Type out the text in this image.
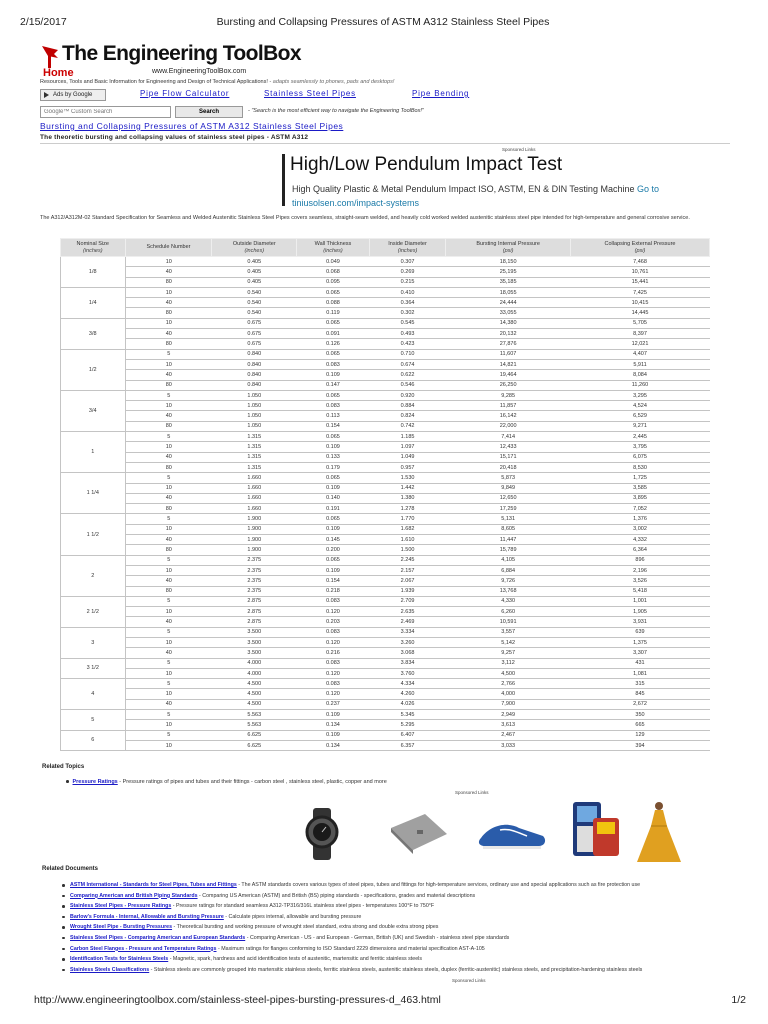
2/15/2017	Bursting and Collapsing Pressures of ASTM A312 Stainless Steel Pipes
The Engineering ToolBox
Home	www.EngineeringToolBox.com
Resources, Tools and Basic Information for Engineering and Design of Technical Applications! - adapts seamlessly to phones, pads and desktops!
Ads by Google	Pipe Flow Calculator	Stainless Steel Pipes	Pipe Bending
Google™ Custom Search
Search	- "Search is the most efficient way to navigate the Engineering ToolBox!"
Bursting and Collapsing Pressures of ASTM A312 Stainless Steel Pipes
The theoretic bursting and collapsing values of stainless steel pipes - ASTM A312
Sponsored Links
High/Low Pendulum Impact Test
High Quality Plastic & Metal Pendulum Impact ISO, ASTM, EN & DIN Testing Machine Go to tiniusolsen.com/impact-systems
The A312/A312M-02 Standard Specification for Seamless and Welded Austenitic Stainless Steel Pipes covers seamless, straight-seam welded, and heavily cold worked welded austenitic stainless steel pipe intended for high-temperature and general corrosive service.
Nominal Size
(inches)	Schedule Number	Outside Diameter
(inches)	Wall Thickness
(inches)	Inside Diameter
(inches)	Bursting Internal Pressure
(psi)	Collapsing External Pressure
(psi)
1/8	10	0.405	0.049	0.307	18,150	7,468
	40	0.405	0.068	0.269	25,195	10,761
	80	0.405	0.095	0.215	35,185	15,441
1/4	10	0.540	0.065	0.410	18,055	7,425
	40	0.540	0.088	0.364	24,444	10,415
	80	0.540	0.119	0.302	33,055	14,445
3/8	10	0.675	0.065	0.545	14,380	5,705
	40	0.675	0.091	0.493	20,132	8,397
	80	0.675	0.126	0.423	27,876	12,021
1/2	5	0.840	0.065	0.710	11,607	4,407
	10	0.840	0.083	0.674	14,821	5,911
	40	0.840	0.109	0.622	19,464	8,084
	80	0.840	0.147	0.546	26,250	11,260
3/4	5	1.050	0.065	0.920	9,285	3,295
	10	1.050	0.083	0.884	11,857	4,524
	40	1.050	0.113	0.824	16,142	6,529
	80	1.050	0.154	0.742	22,000	9,271
1	5	1.315	0.065	1.185	7,414	2,445
	10	1.315	0.109	1.097	12,433	3,795
	40	1.315	0.133	1.049	15,171	6,075
	80	1.315	0.179	0.957	20,418	8,530
1 1/4	5	1.660	0.065	1.530	5,873	1,725
	10	1.660	0.109	1.442	9,849	3,585
	40	1.660	0.140	1.380	12,650	3,895
	80	1.660	0.191	1.278	17,259	7,052
1 1/2	5	1.900	0.065	1.770	5,131	1,376
	10	1.900	0.109	1.682	8,605	3,002
	40	1.900	0.145	1.610	11,447	4,332
	80	1.900	0.200	1.500	15,789	6,364
2	5	2.375	0.065	2.245	4,105	896
	10	2.375	0.109	2.157	6,884	2,196
	40	2.375	0.154	2.067	9,726	3,526
	80	2.375	0.218	1.939	13,768	5,418
2 1/2	5	2.875	0.083	2.709	4,330	1,001
	10	2.875	0.120	2.635	6,260	1,905
	40	2.875	0.203	2.469	10,591	3,931
3	5	3.500	0.083	3.334	3,557	639
	10	3.500	0.120	3.260	5,142	1,375
	40	3.500	0.216	3.068	9,257	3,307
3 1/2	5	4.000	0.083	3.834	3,112	431
	10	4.000	0.120	3.760	4,500	1,081
4	5	4.500	0.083	4.334	2,766	315
	10	4.500	0.120	4.260	4,000	845
	40	4.500	0.237	4.026	7,900	2,672
5	5	5.563	0.109	5.345	2,949	350
	10	5.563	0.134	5.295	3,613	665
6	5	6.625	0.109	6.407	2,467	129
	10	6.625	0.134	6.357	3,033	394
Related Topics
Pressure Ratings - Pressure ratings of pipes and tubes and their fittings - carbon steel , stainless steel, plastic, copper and more
Sponsored Links
Related Documents
ASTM International - Standards for Steel Pipes, Tubes and Fittings - The ASTM standards covers various types of steel pipes, tubes and fittings for high-temperature services, ordinary use and special applications such as fire protection use
Comparing American and British Piping Standards - Comparing US American (ASTM) and British (BS) piping standards - specifications, grades and material descriptions
Stainless Steel Pipes - Pressure Ratings - Pressure ratings for standard seamless A312-TP316/316L stainless steel pipes - temperatures 100°F to 750°F
Barlow's Formula - Internal, Allowable and Bursting Pressure - Calculate pipes internal, allowable and bursting pressure
Wrought Steel Pipe - Bursting Pressures - Theoretical bursting and working pressure of wrought steel standard, extra strong and double extra strong pipes
Stainless Steel Pipes - Comparing American and European Standards - Comparing American - US - and European - German, British (UK) and Swedish - stainless steel pipe standards
Carbon Steel Flanges - Pressure and Temperature Ratings - Maximum ratings for flanges conforming to ISO Standard 2229 dimensions and material specification AST-A-105
Identification Tests for Stainless Steels - Magnetic, spark, hardness and acid identification tests of austenitic, martensitic and ferritic stainless steels
Stainless Steels Classifications - Stainless steels are commonly grouped into martensitic stainless steels, ferritic stainless steels, austenitic stainless steels, duplex (ferritic-austenitic) stainless steels, and precipitation-hardening stainless steels
Sponsored Links
http://www.engineeringtoolbox.com/stainless-steel-pipes-bursting-pressures-d_463.html	1/2
